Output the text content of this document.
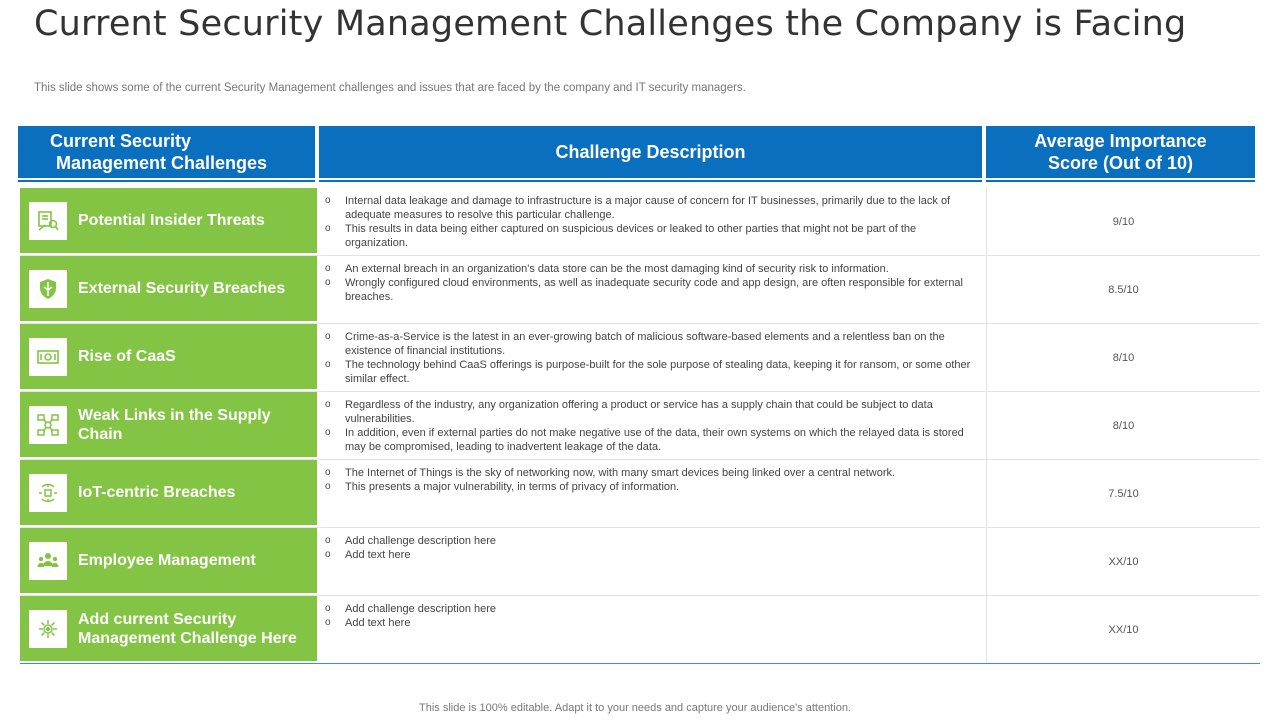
Current Security Management Challenges the Company is Facing
This slide shows some of the current Security Management challenges and issues that are faced by the company and IT security managers.
Current Security
Management Challenges
Challenge Description
Average Importance
Score (Out of 10)
Potential Insider Threats
o Internal data leakage and damage to infrastructure is a major cause of concern for IT businesses, primarily due to the lack of adequate measures to resolve this particular challenge.
o This results in data being either captured on suspicious devices or leaked to other parties that might not be part of the organization.
9/10
External Security Breaches
o An external breach in an organization's data store can be the most damaging kind of security risk to information.
o Wrongly configured cloud environments, as well as inadequate security code and app design, are often responsible for external breaches.
8.5/10
Rise of CaaS
o Crime-as-a-Service is the latest in an ever-growing batch of malicious software-based elements and a relentless ban on the existence of financial institutions.
o The technology behind CaaS offerings is purpose-built for the sole purpose of stealing data, keeping it for ransom, or some other similar effect.
8/10
Weak Links in the Supply Chain
o Regardless of the industry, any organization offering a product or service has a supply chain that could be subject to data vulnerabilities.
o In addition, even if external parties do not make negative use of the data, their own systems on which the relayed data is stored may be compromised, leading to inadvertent leakage of the data.
8/10
IoT-centric Breaches
o The Internet of Things is the sky of networking now, with many smart devices being linked over a central network.
o This presents a major vulnerability, in terms of privacy of information.
7.5/10
Employee Management
o Add challenge description here
o Add text here
XX/10
Add current Security Management Challenge Here
o Add challenge description here
o Add text here
XX/10
This slide is 100% editable. Adapt it to your needs and capture your audience's attention.
